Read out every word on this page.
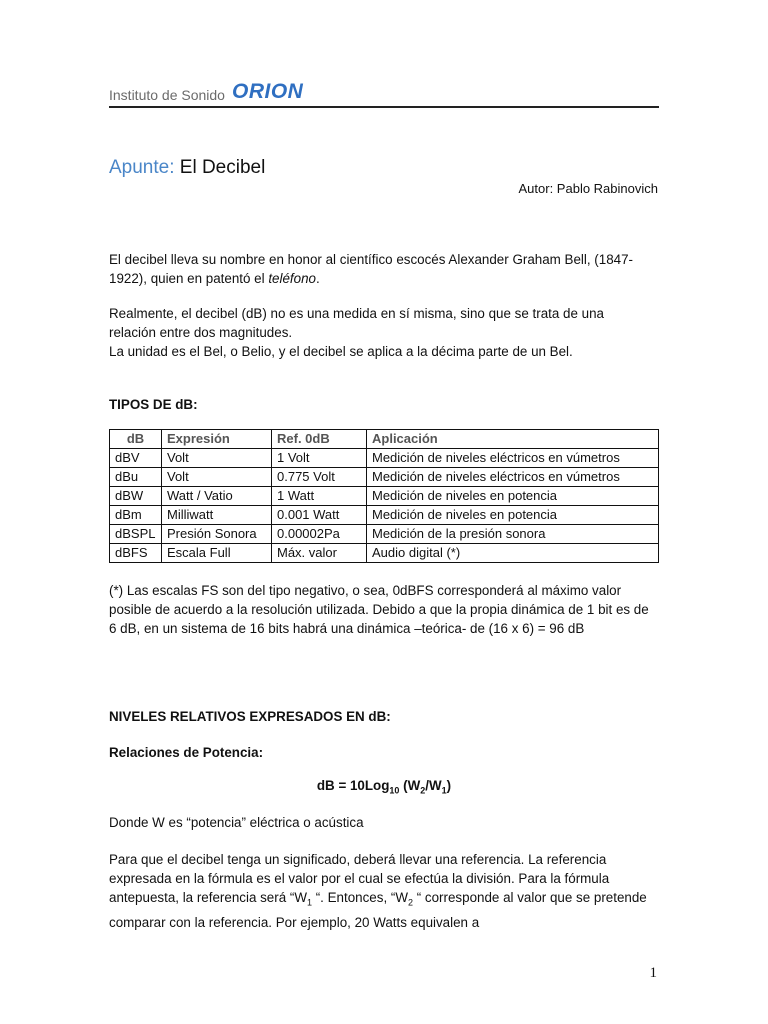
Instituto de Sonido ORION
Apunte: El Decibel
Autor: Pablo Rabinovich
El decibel lleva su nombre en honor al científico escocés Alexander Graham Bell, (1847-1922), quien en patentó el teléfono.
Realmente, el decibel (dB) no es una medida en sí misma, sino que se trata de una relación entre dos magnitudes.
La unidad es el Bel, o Belio, y el decibel se aplica a la décima parte de un Bel.
TIPOS DE dB:
dB	Expresión	Ref. 0dB	Aplicación
dBV	Volt	1 Volt	Medición de niveles eléctricos en vúmetros
dBu	Volt	0.775 Volt	Medición de niveles eléctricos en vúmetros
dBW	Watt / Vatio	1 Watt	Medición de niveles en potencia
dBm	Milliwatt	0.001 Watt	Medición de niveles en potencia
dBSPL	Presión Sonora	0.00002Pa	Medición de la presión sonora
dBFS	Escala Full	Máx. valor	Audio digital (*)
(*) Las escalas FS son del tipo negativo, o sea, 0dBFS corresponderá al máximo valor posible de acuerdo a la resolución utilizada. Debido a que la propia dinámica de 1 bit es de 6 dB, en un sistema de 16 bits habrá una dinámica –teórica- de (16 x 6) = 96 dB
NIVELES RELATIVOS EXPRESADOS EN dB:
Relaciones de Potencia:
dB = 10Log$_{10}$ $(W_2/W_1)$
Donde W es “potencia” eléctrica o acústica
Para que el decibel tenga un significado, deberá llevar una referencia. La referencia expresada en la fórmula es el valor por el cual se efectúa la división. Para la fórmula antepuesta, la referencia será “$W_1$ “. Entonces, “$W_2$ “ corresponde al valor que se pretende comparar con la referencia. Por ejemplo, 20 Watts equivalen a
1
